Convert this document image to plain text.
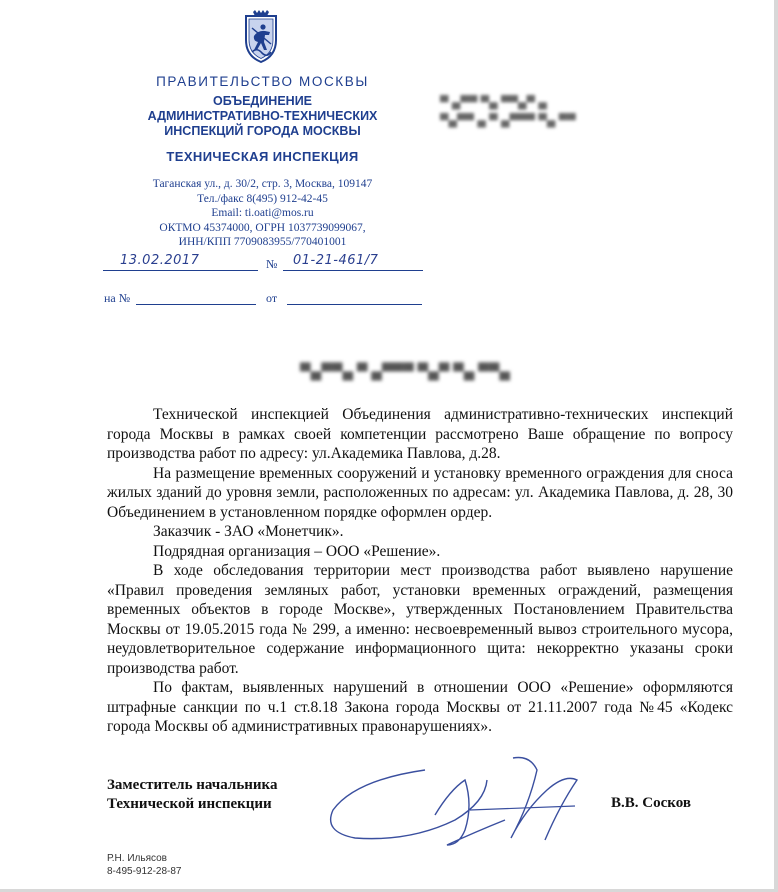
ПРАВИТЕЛЬСТВО МОСКВЫ
ОБЪЕДИНЕНИЕ
АДМИНИСТРАТИВНО-ТЕХНИЧЕСКИХ
ИНСПЕКЦИЙ ГОРОДА МОСКВЫ
ТЕХНИЧЕСКАЯ ИНСПЕКЦИЯ
Таганская ул., д. 30/2, стр. 3, Москва, 109147
Тел./факс 8(495) 912-42-45
Email: ti.oati@mos.ru
ОКТМО 45374000, ОГРН 1037739099067,
ИНН/КПП 7709083955/770401001
13.02.2017	№ 01-21-461/7
на №	от
▀ ▄▀▀ ▀▄ ▀▀▄▀ ▄
▀▄▀▀ ▄ ▀ ▄▀▀▀ ▀▄ ▀▀
▀▄▀▀▄ ▀ ▄▀▀▀ ▀▄▀ ▀▄ ▀▀▄

Технической инспекцией Объединения административно-технических инспекций города Москвы в рамках своей компетенции рассмотрено Ваше обращение по вопросу производства работ по адресу: ул.Академика Павлова, д.28.

На размещение временных сооружений и установку временного ограждения для сноса жилых зданий до уровня земли, расположенных по адресам: ул. Академика Павлова, д. 28, 30 Объединением в установленном порядке оформлен ордер.

Заказчик - ЗАО «Монетчик».

Подрядная организация – ООО «Решение».

В ходе обследования территории мест производства работ выявлено нарушение «Правил проведения земляных работ, установки временных ограждений, размещения временных объектов в городе Москве», утвержденных Постановлением Правительства Москвы от 19.05.2015 года № 299, а именно: несвоевременный вывоз строительного мусора, неудовлетворительное содержание информационного щита: некорректно указаны сроки производства работ.

По фактам, выявленных нарушений в отношении ООО «Решение» оформляются штрафные санкции по ч.1 ст.8.18 Закона города Москвы от 21.11.2007 года №45 «Кодекс города Москвы об административных правонарушениях».

Заместитель начальника
Технической инспекции	В.В. Сосков
Р.Н. Ильясов
8-495-912-28-87
